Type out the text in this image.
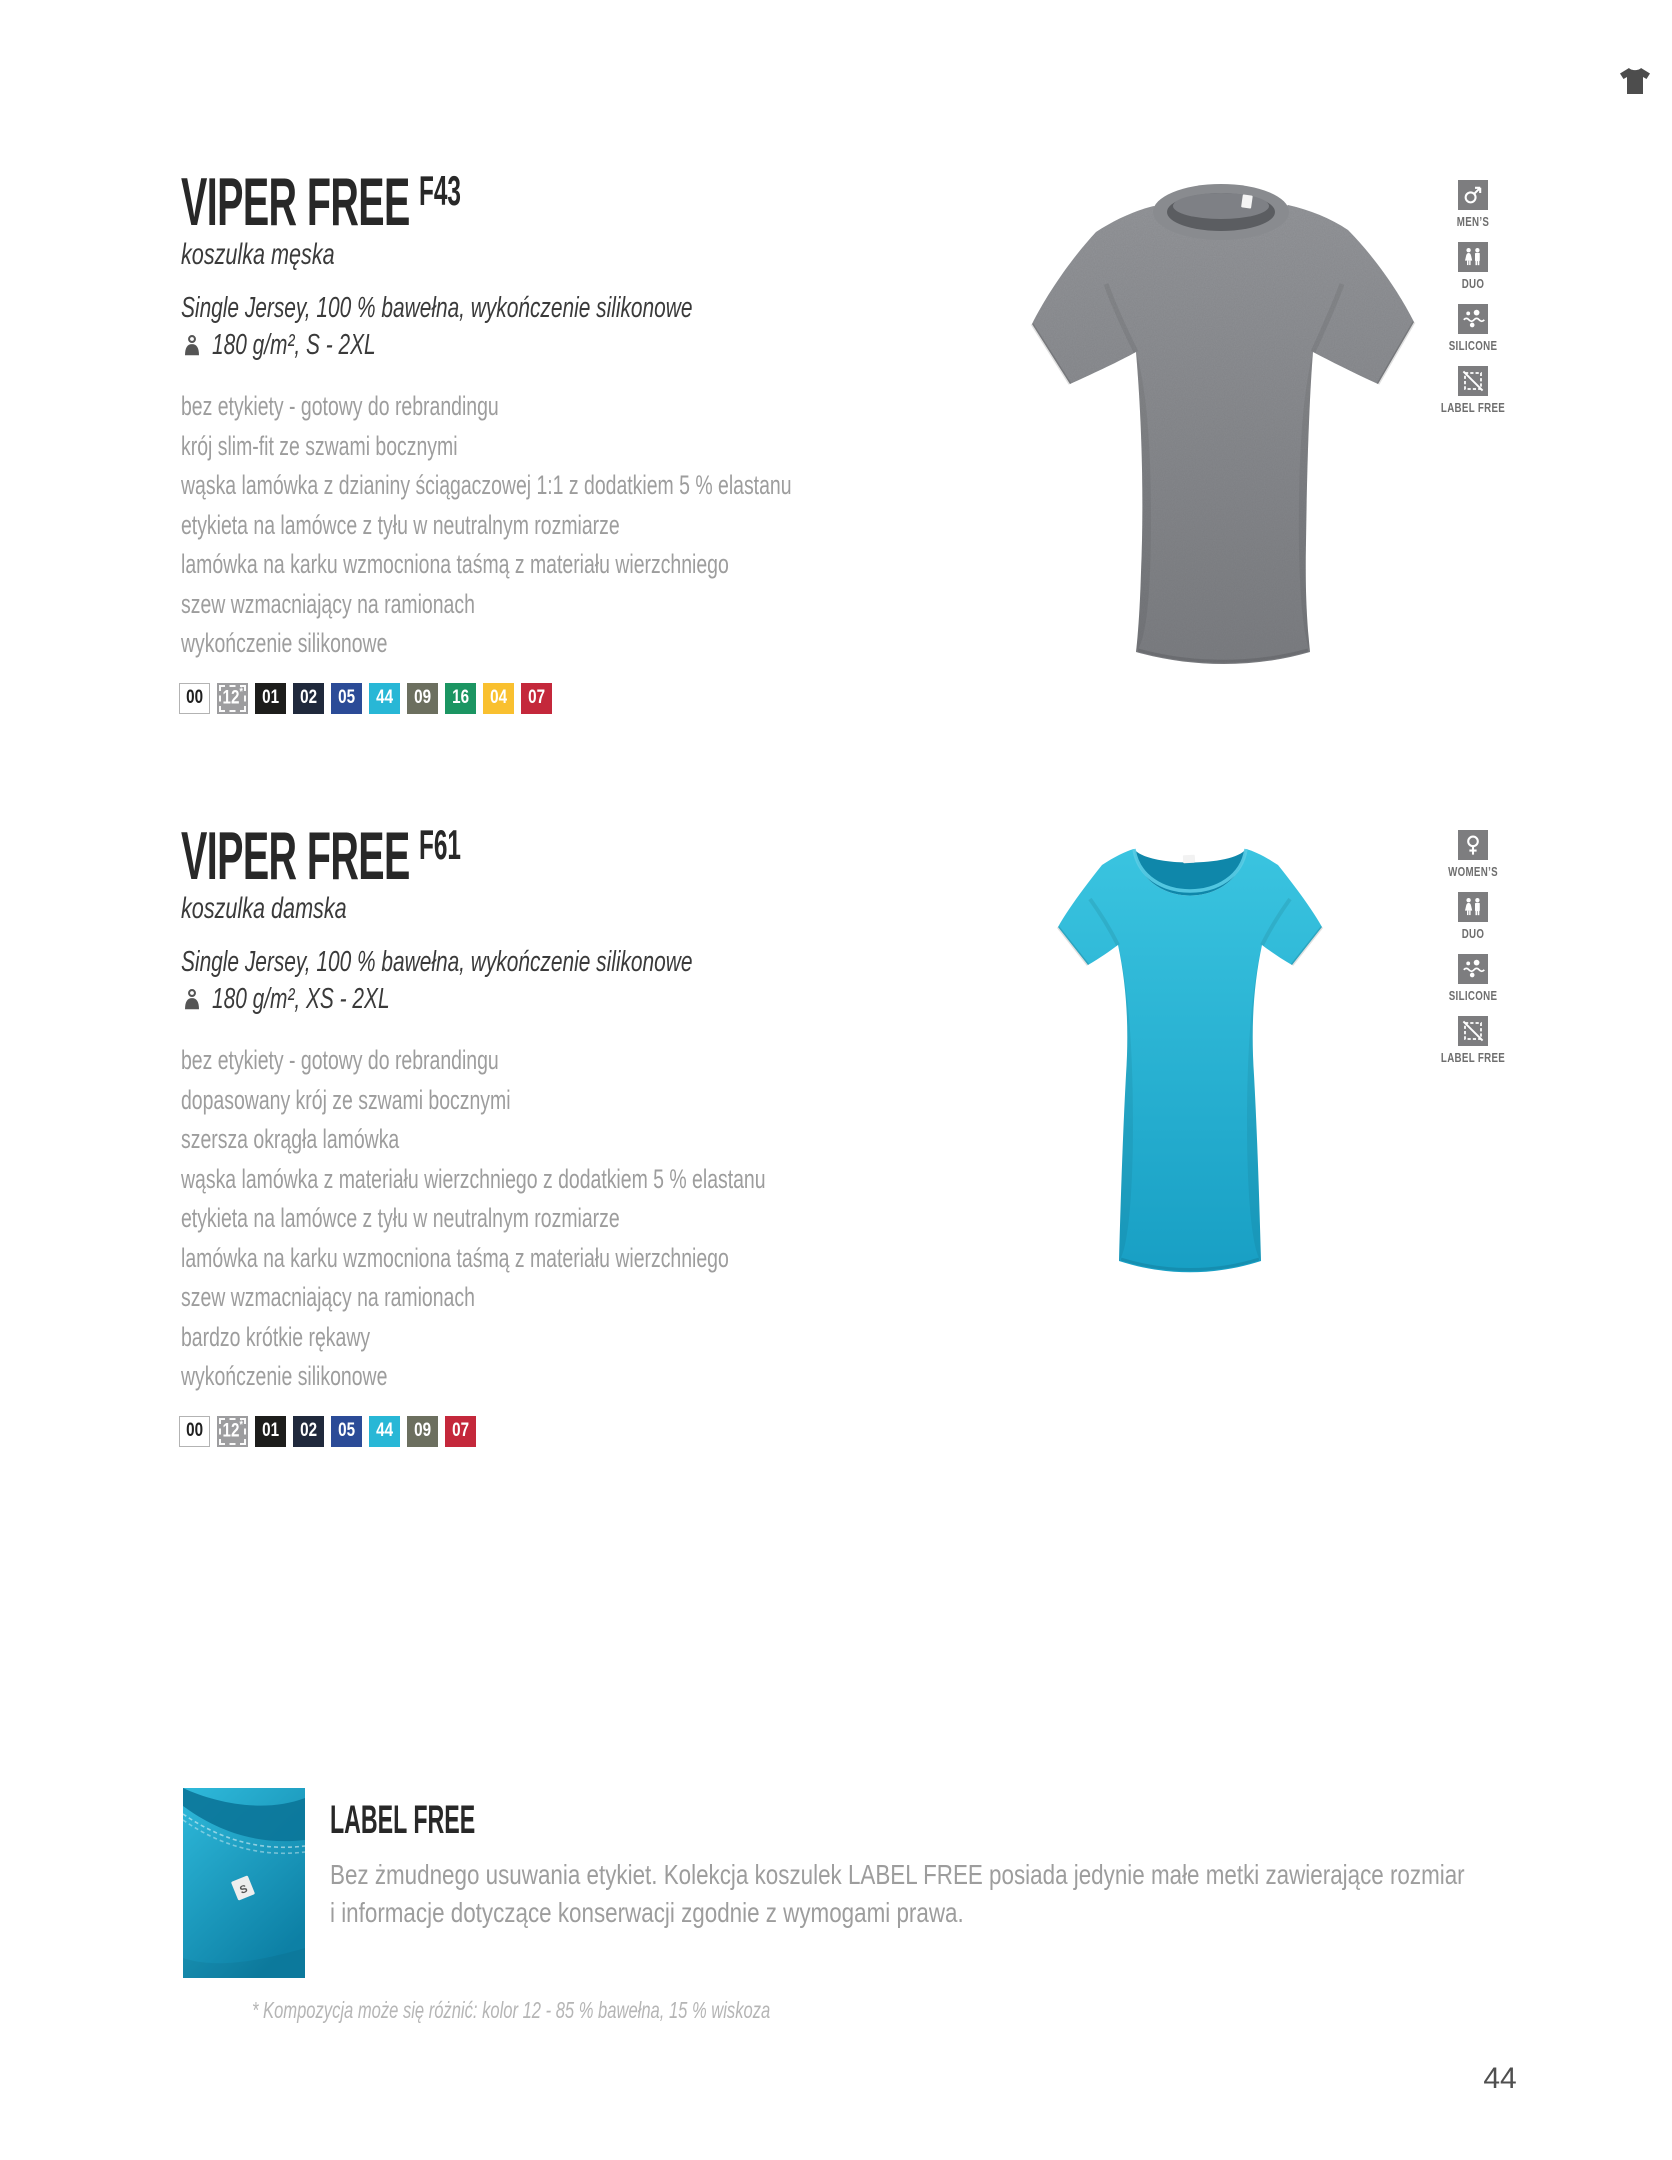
VIPER FREE $^{F43}$
koszulka męska
Single Jersey, 100 % bawełna, wykończenie silikonowe
180 g/m², S - 2XL
bez etykiety - gotowy do rebrandingu
krój slim-fit ze szwami bocznymi
wąska lamówka z dzianiny ściągaczowej 1:1 z dodatkiem 5 % elastanu
etykieta na lamówce z tyłu w neutralnym rozmiarze
lamówka na karku wzmocniona taśmą z materiału wierzchniego
szew wzmacniający na ramionach
wykończenie silikonowe
00 12* 01 02 05 44 09 16 04 07
MEN’S
DUO
SILICONE
LABEL FREE
VIPER FREE $^{F61}$
koszulka damska
Single Jersey, 100 % bawełna, wykończenie silikonowe
180 g/m², XS - 2XL
bez etykiety - gotowy do rebrandingu
dopasowany krój ze szwami bocznymi
szersza okrągła lamówka
wąska lamówka z materiału wierzchniego z dodatkiem 5 % elastanu
etykieta na lamówce z tyłu w neutralnym rozmiarze
lamówka na karku wzmocniona taśmą z materiału wierzchniego
szew wzmacniający na ramionach
bardzo krótkie rękawy
wykończenie silikonowe
00 12* 01 02 05 44 09 07
WOMEN’S
DUO
SILICONE
LABEL FREE
S
LABEL FREE
Bez żmudnego usuwania etykiet. Kolekcja koszulek LABEL FREE posiada jedynie małe metki zawierające rozmiar
i informacje dotyczące konserwacji zgodnie z wymogami prawa.
* Kompozycja może się różnić: kolor 12 - 85 % bawełna, 15 % wiskoza
44
